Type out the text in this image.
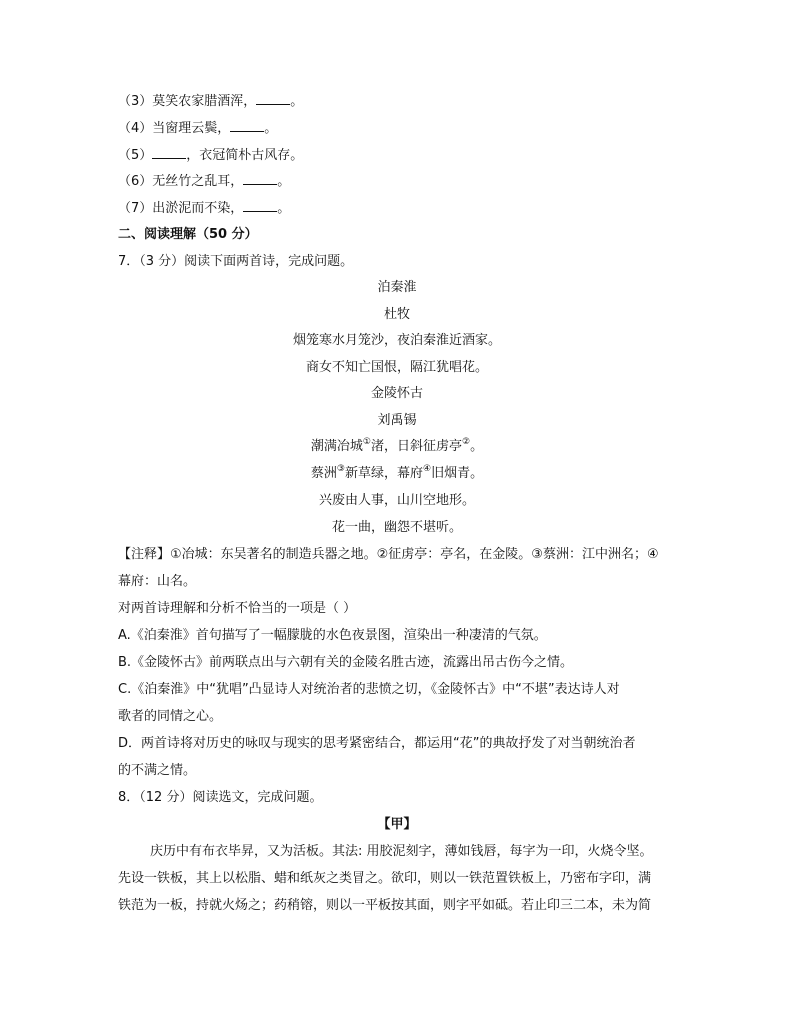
（3）莫笑农家腊酒浑，	。
（4）当窗理云鬓，	。
（5）	，衣冠简朴古风存。
（6）无丝竹之乱耳，	。
（7）出淤泥而不染，	。
二、阅读理解（50 分）
7．（3 分）阅读下面两首诗，完成问题。
泊秦淮
杜牧
烟笼寒水月笼沙，夜泊秦淮近酒家。
商女不知亡国恨，隔江犹唱花。
金陵怀古
刘禹锡
潮满冶城①渚，日斜征虏亭②。
蔡洲③新草绿，幕府④旧烟青。
兴废由人事，山川空地形。
花一曲，幽怨不堪听。
【注释】①冶城：东吴著名的制造兵器之地。②征虏亭：亭名，在金陵。③蔡洲：江中洲名；④
幕府：山名。
对两首诗理解和分析不恰当的一项是（ ）
A.《泊秦淮》首句描写了一幅朦胧的水色夜景图，渲染出一种凄清的气氛。
B.《金陵怀古》前两联点出与六朝有关的金陵名胜古迹，流露出吊古伤今之情。
C.《泊秦淮》中“犹唱”凸显诗人对统治者的悲愤之切，《金陵怀古》中“不堪”表达诗人对
歌者的同情之心。
D．两首诗将对历史的咏叹与现实的思考紧密结合，都运用“花”的典故抒发了对当朝统治者
的不满之情。
8．（12 分）阅读选文，完成问题。
【甲】
庆历中有布衣毕昇，又为活板。其法: 用胶泥刻字，薄如钱唇，每字为一印，火烧令坚。
先设一铁板，其上以松脂、蜡和纸灰之类冒之。欲印，则以一铁范置铁板上，乃密布字印，满
铁范为一板，持就火炀之；药稍镕，则以一平板按其面，则字平如砥。若止印三二本，未为简
